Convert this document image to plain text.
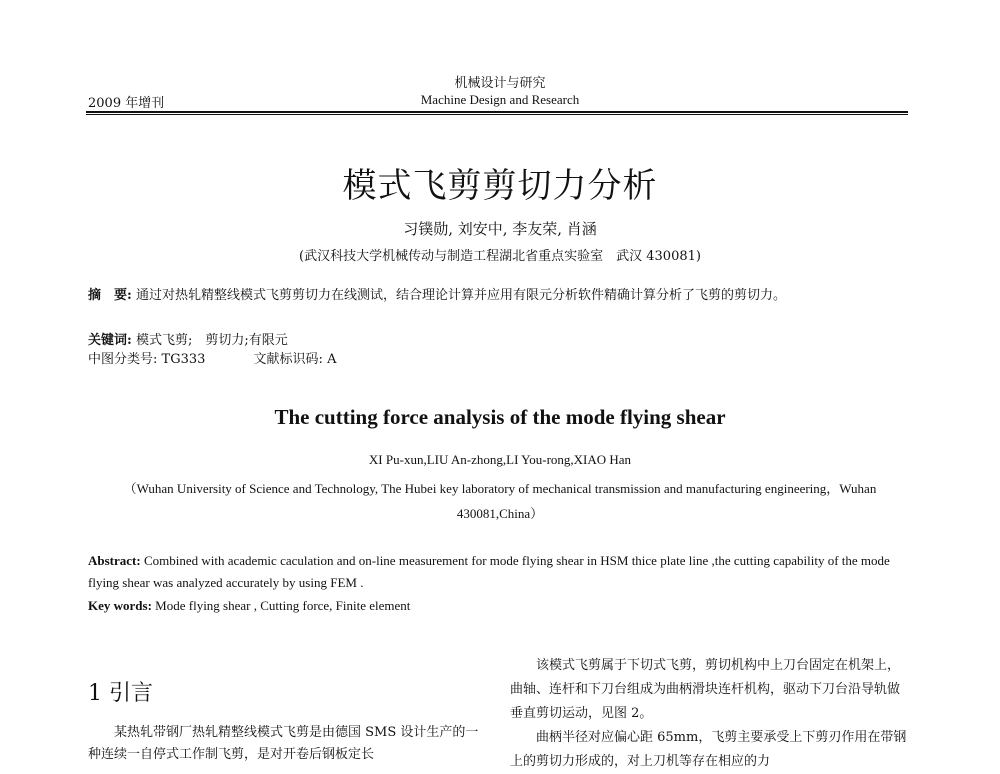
机械设计与研究
Machine Design and Research
2009 年增刊
模式飞剪剪切力分析
习镤勋, 刘安中, 李友荣, 肖涵
(武汉科技大学机械传动与制造工程湖北省重点实验室　武汉 430081)
摘　要: 通过对热轧精整线模式飞剪剪切力在线测试，结合理论计算并应用有限元分析软件精确计算分析了飞剪的剪切力。
关键词: 模式飞剪;　剪切力;有限元
中图分类号: TG333	文献标识码: A
The cutting force analysis of the mode flying shear
XI Pu-xun,LIU An-zhong,LI You-rong,XIAO Han
（Wuhan University of Science and Technology, The Hubei key laboratory of mechanical transmission and manufacturing engineering，Wuhan 430081,China）
Abstract: Combined with academic caculation and on-line measurement for mode flying shear in HSM thice plate line ,the cutting capability of the mode flying shear was analyzed accurately by using FEM .
Key words: Mode flying shear , Cutting force, Finite element
1 引言
某热轧带钢厂热轧精整线模式飞剪是由德国 SMS 设计生产的一种连续一自停式工作制飞剪，是对开卷后钢板定长

该模式飞剪属于下切式飞剪，剪切机构中上刀台固定在机架上，曲轴、连杆和下刀台组成为曲柄滑块连杆机构，驱动下刀台沿导轨做垂直剪切运动，见图 2。

曲柄半径对应偏心距 65mm，飞剪主要承受上下剪刃作用在带钢上的剪切力形成的，对上刀机等存在相应的力
